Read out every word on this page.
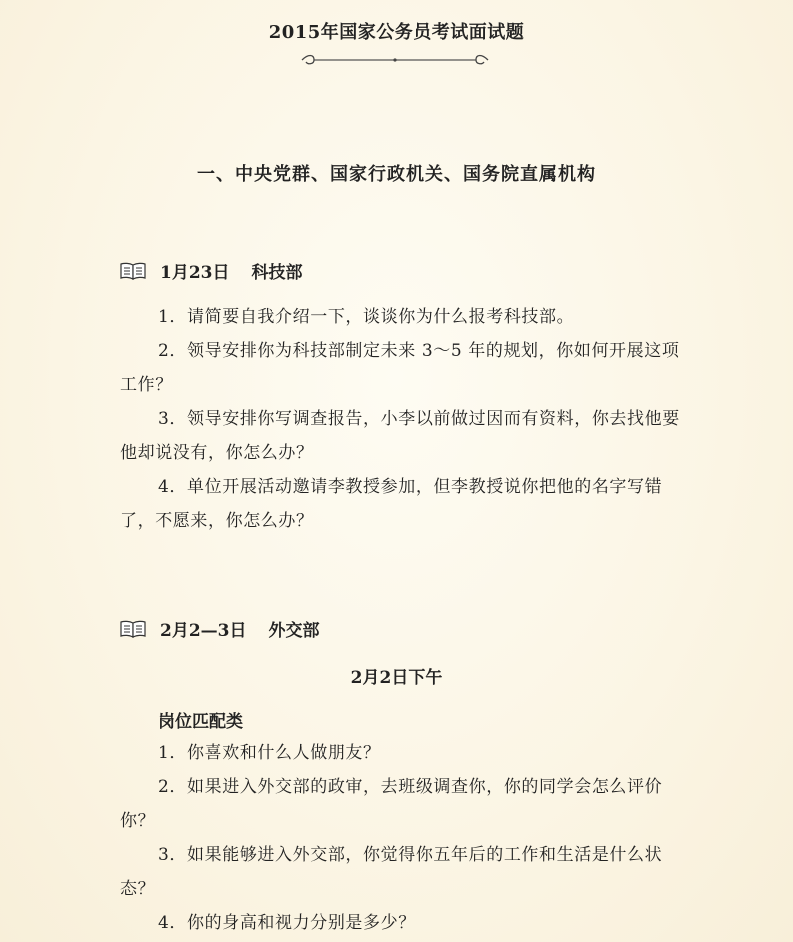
2015年国家公务员考试面试题
一、中央党群、国家行政机关、国务院直属机构
1月23日 科技部
1．请简要自我介绍一下，谈谈你为什么报考科技部。
2．领导安排你为科技部制定未来 3～5 年的规划，你如何开展这项工作？
3．领导安排你写调查报告，小李以前做过因而有资料，你去找他要他却说没有，你怎么办？
4．单位开展活动邀请李教授参加，但李教授说你把他的名字写错了，不愿来，你怎么办？
2月2—3日 外交部
2月2日下午
岗位匹配类
1．你喜欢和什么人做朋友？
2．如果进入外交部的政审，去班级调查你，你的同学会怎么评价你？
3．如果能够进入外交部，你觉得你五年后的工作和生活是什么状态？
4．你的身高和视力分别是多少？
